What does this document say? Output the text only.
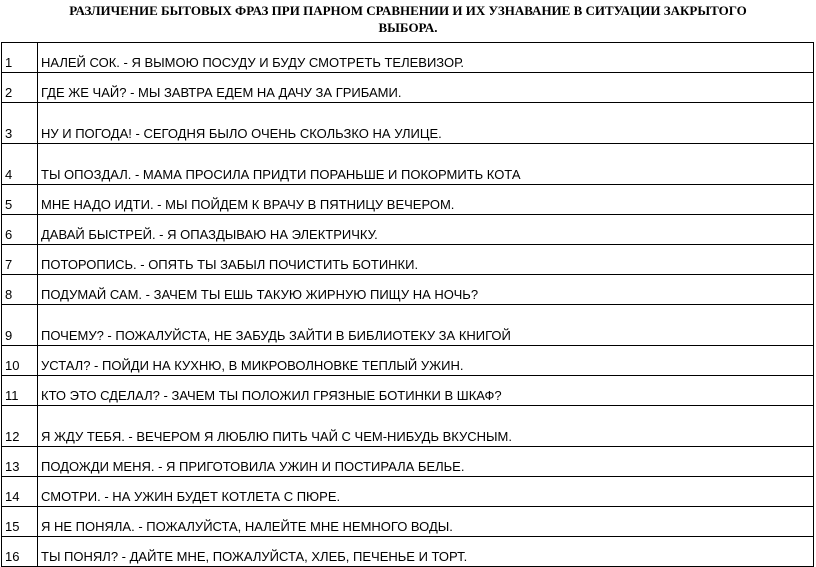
РАЗЛИЧЕНИЕ БЫТОВЫХ ФРАЗ ПРИ ПАРНОМ СРАВНЕНИИ И ИХ УЗНАВАНИЕ В СИТУАЦИИ ЗАКРЫТОГО
ВЫБОРА.
1	НАЛЕЙ СОК. - Я ВЫМОЮ ПОСУДУ И БУДУ СМОТРЕТЬ ТЕЛЕВИЗОР.
2	ГДЕ ЖЕ ЧАЙ? - МЫ ЗАВТРА ЕДЕМ НА ДАЧУ ЗА ГРИБАМИ.
3	НУ И ПОГОДА! - СЕГОДНЯ БЫЛО ОЧЕНЬ СКОЛЬЗКО НА УЛИЦЕ.
4	ТЫ ОПОЗДАЛ. - МАМА ПРОСИЛА ПРИДТИ ПОРАНЬШЕ И ПОКОРМИТЬ КОТА
5	МНЕ НАДО ИДТИ. - МЫ ПОЙДЕМ К ВРАЧУ В ПЯТНИЦУ ВЕЧЕРОМ.
6	ДАВАЙ БЫСТРЕЙ. - Я ОПАЗДЫВАЮ НА ЭЛЕКТРИЧКУ.
7	ПОТОРОПИСЬ. - ОПЯТЬ ТЫ ЗАБЫЛ ПОЧИСТИТЬ БОТИНКИ.
8	ПОДУМАЙ САМ. - ЗАЧЕМ ТЫ ЕШЬ ТАКУЮ ЖИРНУЮ ПИЩУ НА НОЧЬ?
9	ПОЧЕМУ? - ПОЖАЛУЙСТА, НЕ ЗАБУДЬ ЗАЙТИ В БИБЛИОТЕКУ ЗА КНИГОЙ
10	УСТАЛ? - ПОЙДИ НА КУХНЮ, В МИКРОВОЛНОВКЕ ТЕПЛЫЙ УЖИН.
11	КТО ЭТО СДЕЛАЛ? - ЗАЧЕМ ТЫ ПОЛОЖИЛ ГРЯЗНЫЕ БОТИНКИ В ШКАФ?
12	Я ЖДУ ТЕБЯ. - ВЕЧЕРОМ Я ЛЮБЛЮ ПИТЬ ЧАЙ С ЧЕМ-НИБУДЬ ВКУСНЫМ.
13	ПОДОЖДИ МЕНЯ. - Я ПРИГОТОВИЛА УЖИН И ПОСТИРАЛА БЕЛЬЕ.
14	СМОТРИ. - НА УЖИН БУДЕТ КОТЛЕТА С ПЮРЕ.
15	Я НЕ ПОНЯЛА. - ПОЖАЛУЙСТА, НАЛЕЙТЕ МНЕ НЕМНОГО ВОДЫ.
16	ТЫ ПОНЯЛ? - ДАЙТЕ МНЕ, ПОЖАЛУЙСТА, ХЛЕБ, ПЕЧЕНЬЕ И ТОРТ.
